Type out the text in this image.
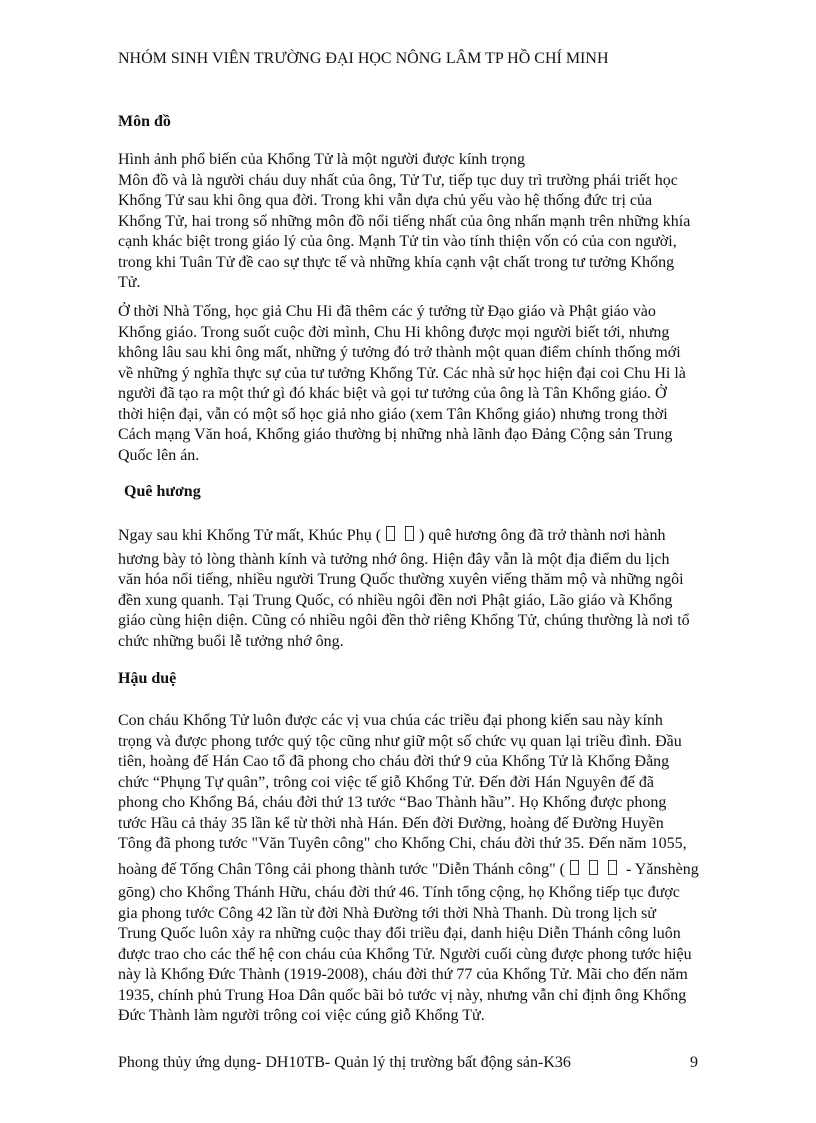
NHÓM SINH VIÊN TRƯỜNG ĐẠI HỌC NÔNG LÂM TP HỒ CHÍ MINH
Môn đồ
Hình ảnh phổ biến của Khổng Tử là một người được kính trọng
Môn đồ và là người cháu duy nhất của ông, Tử Tư, tiếp tục duy trì trường phái triết học
Khổng Tử sau khi ông qua đời. Trong khi vẫn dựa chủ yếu vào hệ thống đức trị của
Khổng Tử, hai trong số những môn đồ nổi tiếng nhất của ông nhấn mạnh trên những khía
cạnh khác biệt trong giáo lý của ông. Mạnh Tử tin vào tính thiện vốn có của con người,
trong khi Tuân Tử đề cao sự thực tế và những khía cạnh vật chất trong tư tưởng Khổng
Tử.
Ở thời Nhà Tống, học giả Chu Hi đã thêm các ý tưởng từ Đạo giáo và Phật giáo vào
Khổng giáo. Trong suốt cuộc đời mình, Chu Hi không được mọi người biết tới, nhưng
không lâu sau khi ông mất, những ý tưởng đó trở thành một quan điểm chính thống mới
về những ý nghĩa thực sự của tư tưởng Khổng Tử. Các nhà sử học hiện đại coi Chu Hi là
người đã tạo ra một thứ gì đó khác biệt và gọi tư tưởng của ông là Tân Khổng giáo. Ở
thời hiện đại, vẫn có một số học giả nho giáo (xem Tân Khổng giáo) nhưng trong thời
Cách mạng Văn hoá, Khổng giáo thường bị những nhà lãnh đạo Đảng Cộng sản Trung
Quốc lên án.
Quê hương
Ngay sau khi Khổng Tử mất, Khúc Phụ ( ) quê hương ông đã trở thành nơi hành
hương bày tỏ lòng thành kính và tưởng nhớ ông. Hiện đây vẫn là một địa điểm du lịch
văn hóa nổi tiếng, nhiều người Trung Quốc thường xuyên viếng thăm mộ và những ngôi
đền xung quanh. Tại Trung Quốc, có nhiều ngôi đền nơi Phật giáo, Lão giáo và Khổng
giáo cùng hiện diện. Cũng có nhiều ngôi đền thờ riêng Khổng Tử, chúng thường là nơi tổ
chức những buổi lễ tưởng nhớ ông.
Hậu duệ
Con cháu Khổng Tử luôn được các vị vua chúa các triều đại phong kiến sau này kính
trọng và được phong tước quý tộc cũng như giữ một số chức vụ quan lại triều đình. Đầu
tiên, hoàng đế Hán Cao tổ đã phong cho cháu đời thứ 9 của Khổng Tử là Khổng Đằng
chức “Phụng Tự quân”, trông coi việc tế giỗ Khổng Tử. Đến đời Hán Nguyên đế đã
phong cho Khổng Bá, cháu đời thứ 13 tước “Bao Thành hầu”. Họ Khổng được phong
tước Hầu cả thảy 35 lần kể từ thời nhà Hán. Đến đời Đường, hoàng đế Đường Huyền
Tông đã phong tước "Văn Tuyên công" cho Khổng Chi, cháu đời thứ 35. Đến năm 1055,
hoàng đế Tống Chân Tông cải phong thành tước "Diễn Thánh công" (	- Yǎnshèng
gōng) cho Khổng Thánh Hữu, cháu đời thứ 46. Tính tổng cộng, họ Khổng tiếp tục được
gia phong tước Công 42 lần từ đời Nhà Đường tới thời Nhà Thanh. Dù trong lịch sử
Trung Quốc luôn xảy ra những cuộc thay đổi triều đại, danh hiệu Diễn Thánh công luôn
được trao cho các thế hệ con cháu của Khổng Tử. Người cuối cùng được phong tước hiệu
này là Khổng Đức Thành (1919-2008), cháu đời thứ 77 của Khổng Tử. Mãi cho đến năm
1935, chính phủ Trung Hoa Dân quốc bãi bỏ tước vị này, nhưng vẫn chỉ định ông Khổng
Đức Thành làm người trông coi việc cúng giỗ Khổng Tử.
Phong thủy ứng dụng- DH10TB- Quản lý thị trường bất động sản-K36	9
